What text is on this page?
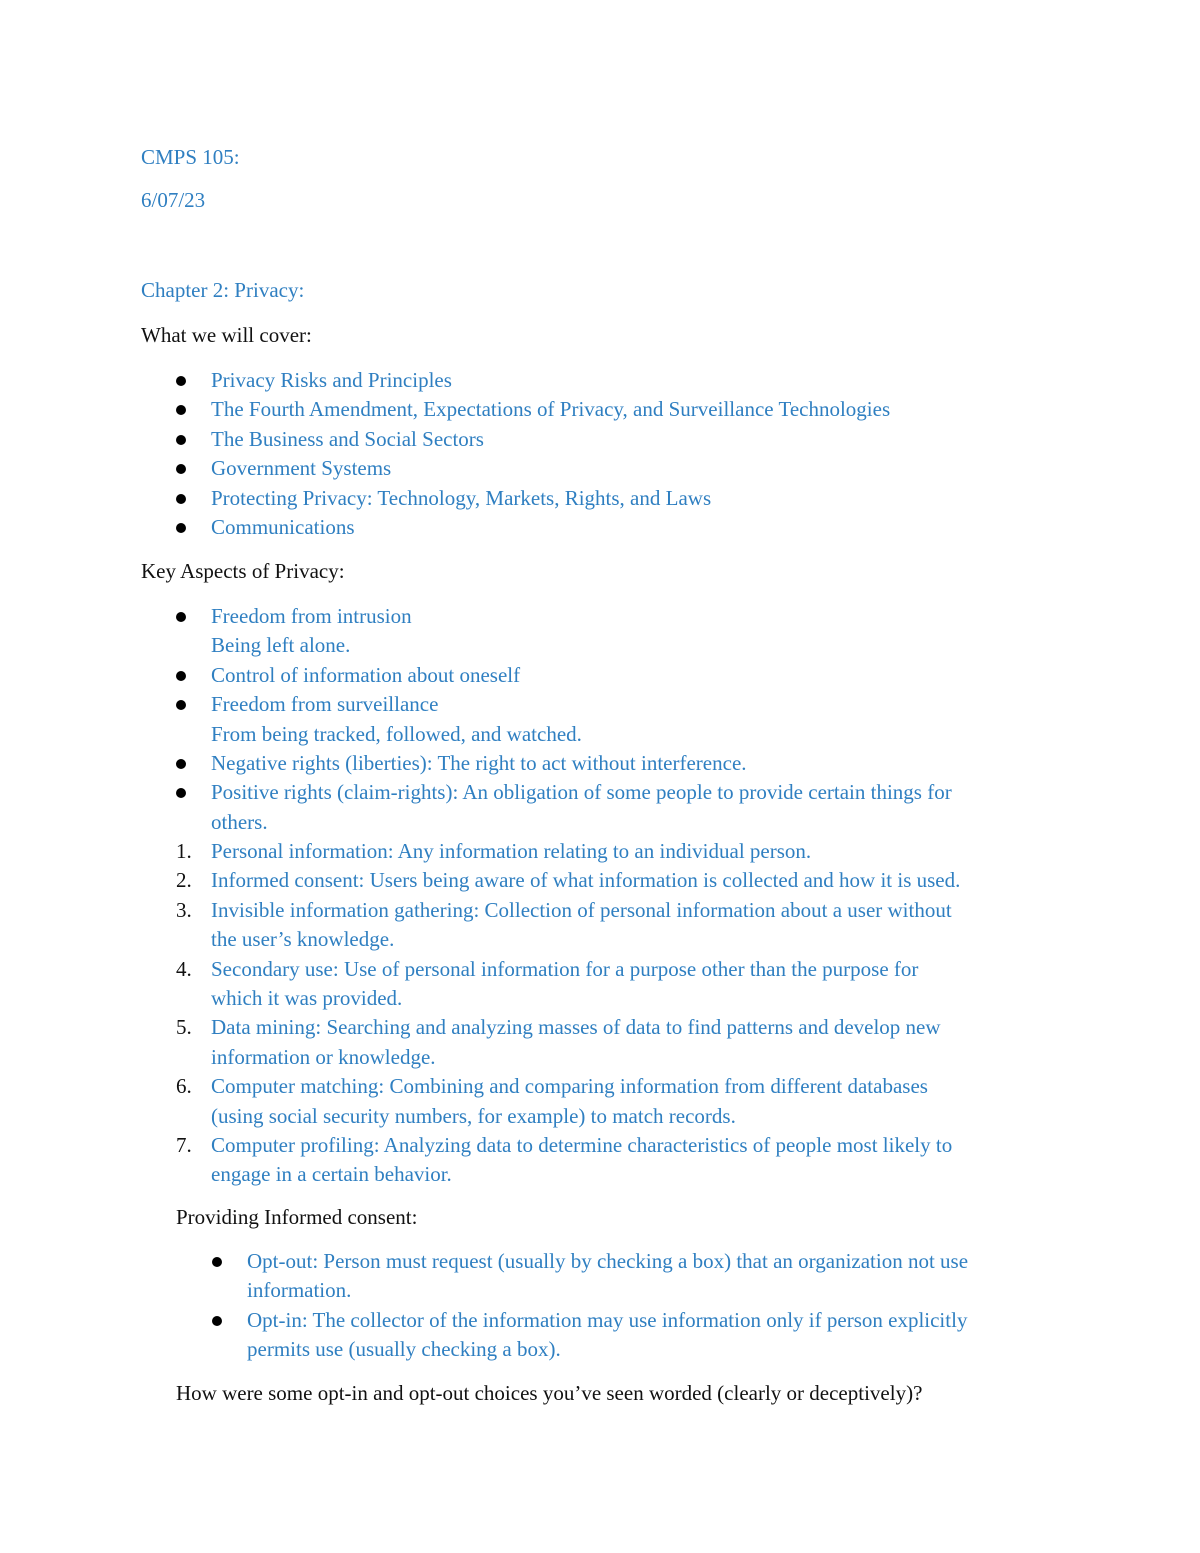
CMPS 105:
6/07/23
Chapter 2: Privacy:
What we will cover:
Privacy Risks and Principles
The Fourth Amendment, Expectations of Privacy, and Surveillance Technologies
The Business and Social Sectors
Government Systems
Protecting Privacy: Technology, Markets, Rights, and Laws
Communications
Key Aspects of Privacy:
Freedom from intrusion
Being left alone.
Control of information about oneself
Freedom from surveillance
From being tracked, followed, and watched.
Negative rights (liberties): The right to act without interference.
Positive rights (claim-rights): An obligation of some people to provide certain things for
others.
1. Personal information: Any information relating to an individual person.
2. Informed consent: Users being aware of what information is collected and how it is used.
3. Invisible information gathering: Collection of personal information about a user without
the user’s knowledge.
4. Secondary use: Use of personal information for a purpose other than the purpose for
which it was provided.
5. Data mining: Searching and analyzing masses of data to find patterns and develop new
information or knowledge.
6. Computer matching: Combining and comparing information from different databases
(using social security numbers, for example) to match records.
7. Computer profiling: Analyzing data to determine characteristics of people most likely to
engage in a certain behavior.
Providing Informed consent:
Opt-out: Person must request (usually by checking a box) that an organization not use
information.
Opt-in: The collector of the information may use information only if person explicitly
permits use (usually checking a box).
How were some opt-in and opt-out choices you’ve seen worded (clearly or deceptively)?
